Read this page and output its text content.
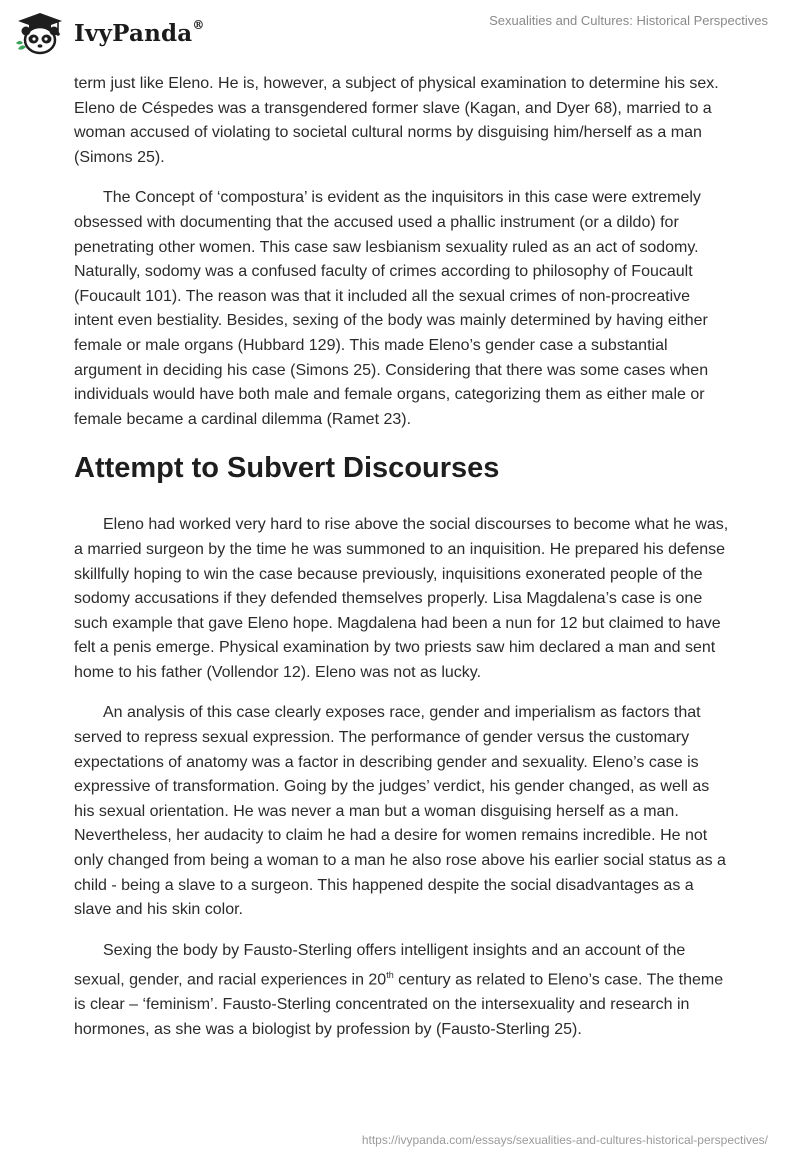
IvyPanda®	Sexualities and Cultures: Historical Perspectives

term just like Eleno. He is, however, a subject of physical examination to determine his sex. Eleno de Céspedes was a transgendered former slave (Kagan, and Dyer 68), married to a woman accused of violating to societal cultural norms by disguising him/herself as a man (Simons 25).

The Concept of ‘compostura’ is evident as the inquisitors in this case were extremely obsessed with documenting that the accused used a phallic instrument (or a dildo) for penetrating other women. This case saw lesbianism sexuality ruled as an act of sodomy. Naturally, sodomy was a confused faculty of crimes according to philosophy of Foucault (Foucault 101). The reason was that it included all the sexual crimes of non-procreative intent even bestiality. Besides, sexing of the body was mainly determined by having either female or male organs (Hubbard 129). This made Eleno’s gender case a substantial argument in deciding his case (Simons 25). Considering that there was some cases when individuals would have both male and female organs, categorizing them as either male or female became a cardinal dilemma (Ramet 23).

Attempt to Subvert Discourses

Eleno had worked very hard to rise above the social discourses to become what he was, a married surgeon by the time he was summoned to an inquisition. He prepared his defense skillfully hoping to win the case because previously, inquisitions exonerated people of the sodomy accusations if they defended themselves properly. Lisa Magdalena’s case is one such example that gave Eleno hope. Magdalena had been a nun for 12 but claimed to have felt a penis emerge. Physical examination by two priests saw him declared a man and sent home to his father (Vollendor 12). Eleno was not as lucky.

An analysis of this case clearly exposes race, gender and imperialism as factors that served to repress sexual expression. The performance of gender versus the customary expectations of anatomy was a factor in describing gender and sexuality. Eleno’s case is expressive of transformation. Going by the judges’ verdict, his gender changed, as well as his sexual orientation. He was never a man but a woman disguising herself as a man. Nevertheless, her audacity to claim he had a desire for women remains incredible. He not only changed from being a woman to a man he also rose above his earlier social status as a child - being a slave to a surgeon. This happened despite the social disadvantages as a slave and his skin color.

Sexing the body by Fausto-Sterling offers intelligent insights and an account of the sexual, gender, and racial experiences in 20th century as related to Eleno’s case. The theme is clear – ‘feminism’. Fausto-Sterling concentrated on the intersexuality and research in hormones, as she was a biologist by profession by (Fausto-Sterling 25).

https://ivypanda.com/essays/sexualities-and-cultures-historical-perspectives/
